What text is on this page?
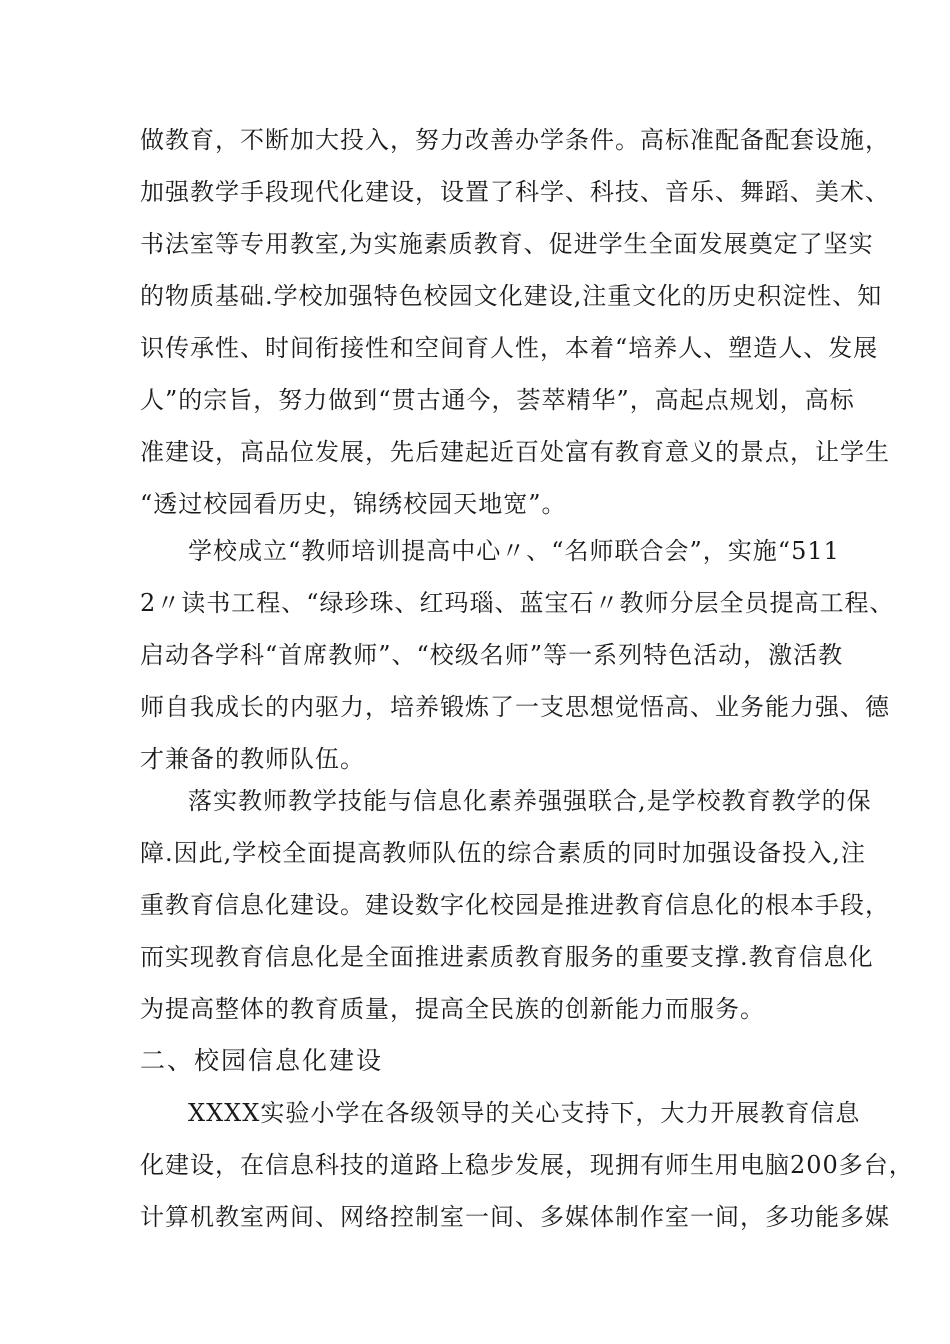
做教育，不断加大投入，努力改善办学条件。高标准配备配套设施，
加强教学手段现代化建设，设置了科学、科技、音乐、舞蹈、美术、
书法室等专用教室,为实施素质教育、促进学生全面发展奠定了坚实
的物质基础.学校加强特色校园文化建设,注重文化的历史积淀性、知
识传承性、时间衔接性和空间育人性，本着“培养人、塑造人、发展
人”的宗旨，努力做到“贯古通今，荟萃精华”，高起点规划，高标
准建设，高品位发展，先后建起近百处富有教育意义的景点，让学生
“透过校园看历史，锦绣校园天地宽”。
学校成立“教师培训提高中心〃、“名师联合会”，实施“511
2〃读书工程、“绿珍珠、红玛瑙、蓝宝石〃教师分层全员提高工程、
启动各学科“首席教师”、“校级名师”等一系列特色活动，激活教
师自我成长的内驱力，培养锻炼了一支思想觉悟高、业务能力强、德
才兼备的教师队伍。
落实教师教学技能与信息化素养强强联合,是学校教育教学的保
障.因此,学校全面提高教师队伍的综合素质的同时加强设备投入,注
重教育信息化建设。建设数字化校园是推进教育信息化的根本手段，
而实现教育信息化是全面推进素质教育服务的重要支撑.教育信息化
为提高整体的教育质量，提高全民族的创新能力而服务。
二、校园信息化建设
XXXX实验小学在各级领导的关心支持下，大力开展教育信息
化建设，在信息科技的道路上稳步发展，现拥有师生用电脑200多台，
计算机教室两间、网络控制室一间、多媒体制作室一间，多功能多媒
